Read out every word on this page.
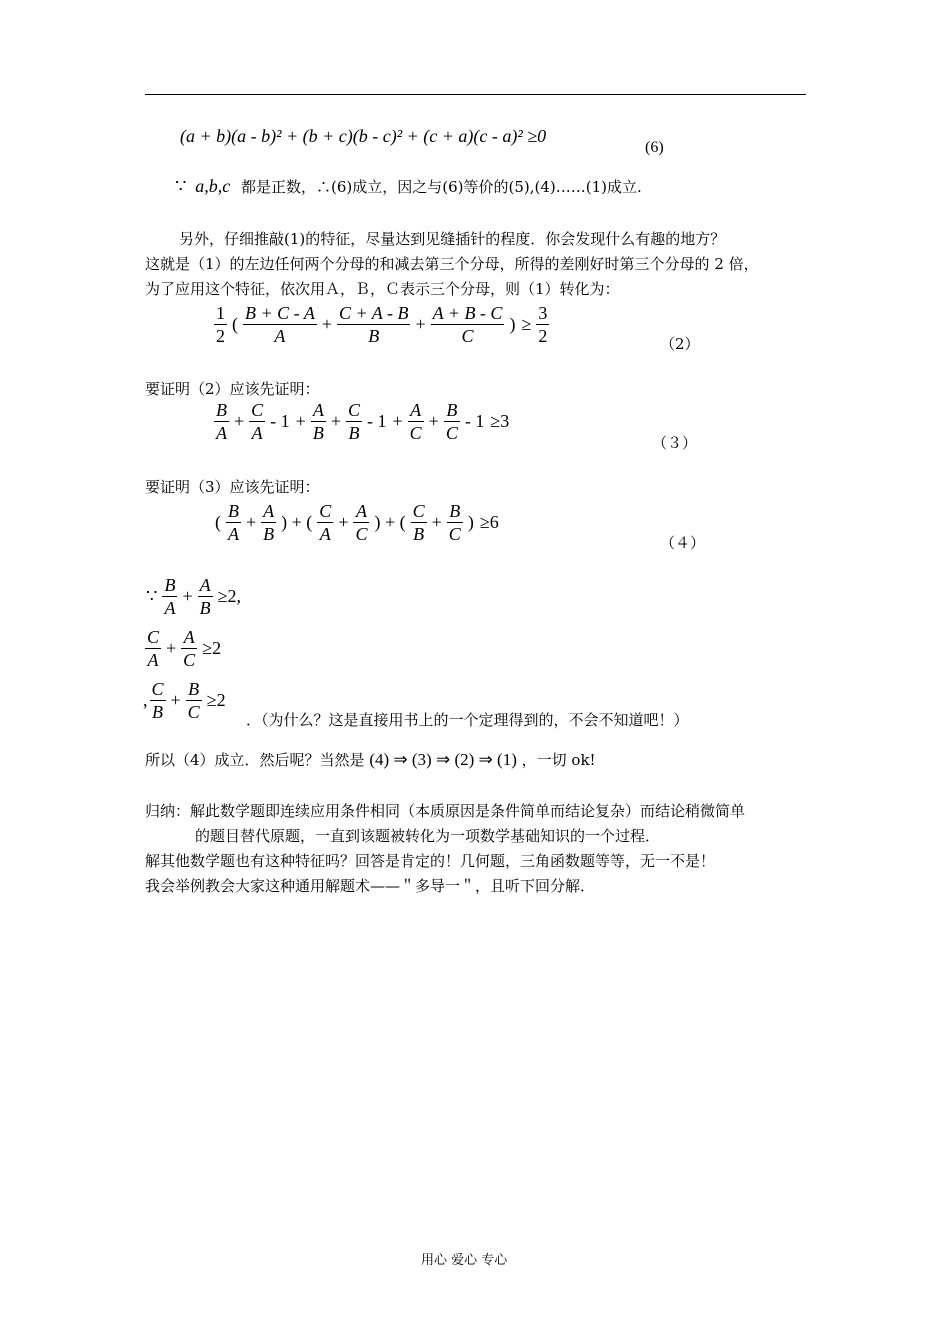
(a + b)(a - b)² + (b + c)(b - c)² + (c + a)(c - a)² ≥0
(6)
∵ a,b,c 都是正数，∴(6)成立，因之与(6)等价的(5),(4)……(1)成立.
另外，仔细推敲(1)的特征，尽量达到见缝插针的程度．你会发现什么有趣的地方？
这就是（1）的左边任何两个分母的和减去第三个分母，所得的差刚好时第三个分母的 2 倍，
为了应用这个特征，依次用Ａ，Ｂ，Ｃ表示三个分母，则（1）转化为：
$\frac{1}{2}$ ( $\frac{B + C - A}{A} + \frac{C + A - B}{B} + \frac{A + B - C}{C}$ ) ≥ $\frac{3}{2}$	（2）
要证明（2）应该先证明：
$\frac{B}{A} + \frac{C}{A} - 1 + \frac{A}{B} + \frac{C}{B} - 1 + \frac{A}{C} + \frac{B}{C} - 1 \ge 3$
（３）
要证明（3）应该先证明：
( $\frac{B}{A} + \frac{A}{B}$ ) + ( $\frac{C}{A} + \frac{A}{C}$ ) + ( $\frac{C}{B} + \frac{B}{C}$ ) ≥6
（４）
∵ $\frac{B}{A} + \frac{A}{B} \ge 2$,
$\frac{C}{A} + \frac{A}{C} \ge 2$
, $\frac{C}{B} + \frac{B}{C} \ge 2$
．（为什么？这是直接用书上的一个定理得到的，不会不知道吧！）
所以（4）成立．然后呢？当然是 (4) ⇒ (3) ⇒ (2) ⇒ (1) ，一切 ok!
归纳：解此数学题即连续应用条件相同（本质原因是条件简单而结论复杂）而结论稍微简单
的题目替代原题，一直到该题被转化为一项数学基础知识的一个过程．
解其他数学题也有这种特征吗？回答是肯定的！几何题，三角函数题等等，无一不是！
我会举例教会大家这种通用解题术——＂多导一＂，且听下回分解．
用心 爱心 专心
